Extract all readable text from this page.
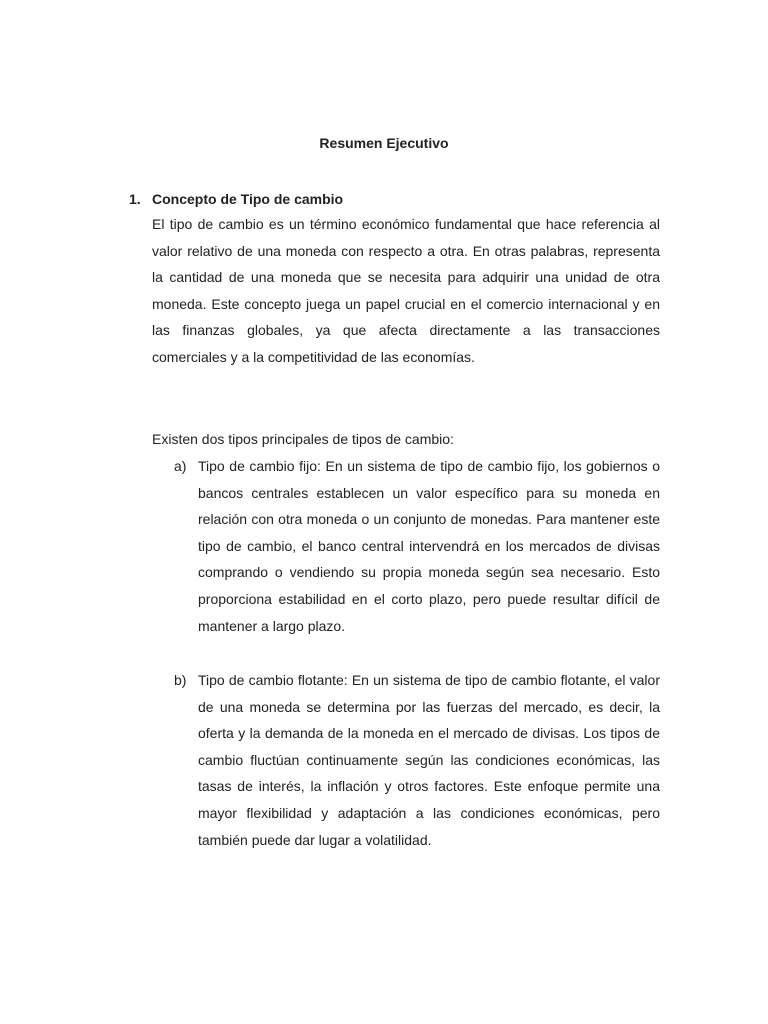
Resumen Ejecutivo
1. Concepto de Tipo de cambio

El tipo de cambio es un término económico fundamental que hace referencia al valor relativo de una moneda con respecto a otra. En otras palabras, representa la cantidad de una moneda que se necesita para adquirir una unidad de otra moneda. Este concepto juega un papel crucial en el comercio internacional y en las finanzas globales, ya que afecta directamente a las transacciones comerciales y a la competitividad de las economías.

Existen dos tipos principales de tipos de cambio:

a) Tipo de cambio fijo: En un sistema de tipo de cambio fijo, los gobiernos o bancos centrales establecen un valor específico para su moneda en relación con otra moneda o un conjunto de monedas. Para mantener este tipo de cambio, el banco central intervendrá en los mercados de divisas comprando o vendiendo su propia moneda según sea necesario. Esto proporciona estabilidad en el corto plazo, pero puede resultar difícil de mantener a largo plazo.
b) Tipo de cambio flotante: En un sistema de tipo de cambio flotante, el valor de una moneda se determina por las fuerzas del mercado, es decir, la oferta y la demanda de la moneda en el mercado de divisas. Los tipos de cambio fluctúan continuamente según las condiciones económicas, las tasas de interés, la inflación y otros factores. Este enfoque permite una mayor flexibilidad y adaptación a las condiciones económicas, pero también puede dar lugar a volatilidad.
